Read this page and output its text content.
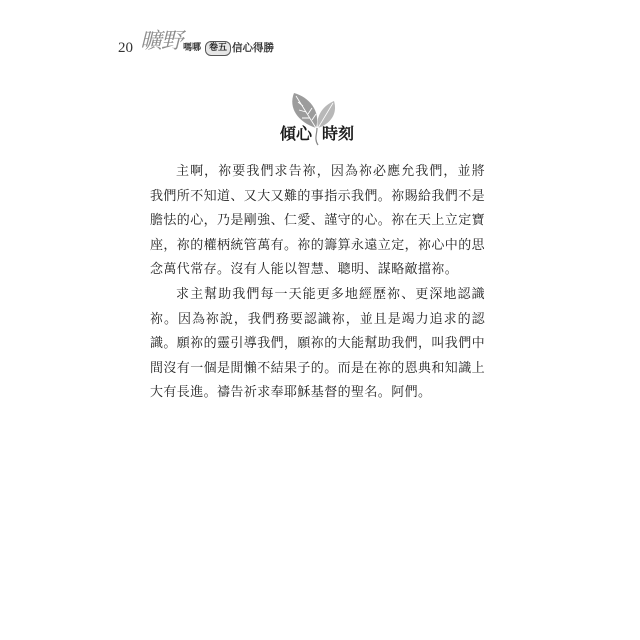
20 曠野 嗎哪 卷五 信心得勝
傾心 時刻
主啊，祢要我們求告祢，因為祢必應允我們，並將
我們所不知道、又大又難的事指示我們。祢賜給我們不是
膽怯的心，乃是剛強、仁愛、謹守的心。祢在天上立定寶
座，祢的權柄統管萬有。祢的籌算永遠立定，祢心中的思
念萬代常存。沒有人能以智慧、聰明、謀略敵擋祢。
求主幫助我們每一天能更多地經歷祢、更深地認識
祢。因為祢說，我們務要認識祢，並且是竭力追求的認
識。願祢的靈引導我們，願祢的大能幫助我們，叫我們中
間沒有一個是閒懶不結果子的。而是在祢的恩典和知識上
大有長進。禱告祈求奉耶穌基督的聖名。阿們。
